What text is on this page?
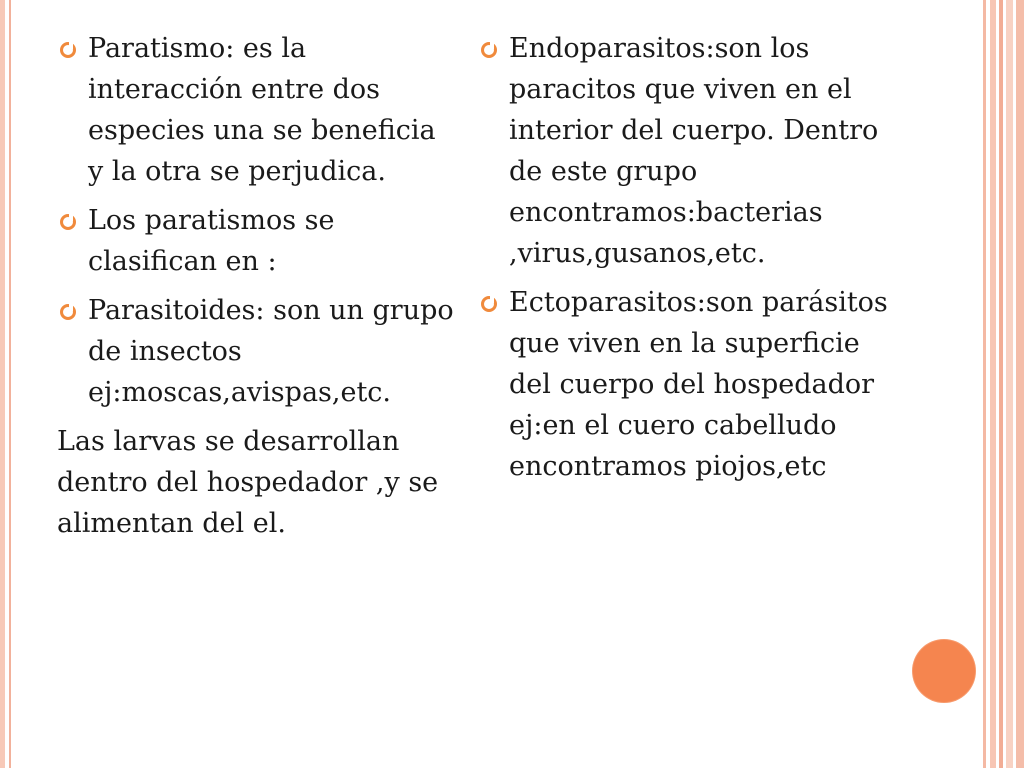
Paratismo: es la interacción entre dos especies una se beneficia y la otra se perjudica.
Los paratismos se clasifican en :
Parasitoides: son un grupo de insectos ej:moscas,avispas,etc.
Las larvas se desarrollan dentro del hospedador ,y se alimentan del el.
Endoparasitos:son los paracitos que viven en el interior del cuerpo. Dentro de este grupo encontramos:bacterias ,virus,gusanos,etc.
Ectoparasitos:son parásitos que viven en la superficie del cuerpo del hospedador ej:en el cuero cabelludo encontramos piojos,etc
